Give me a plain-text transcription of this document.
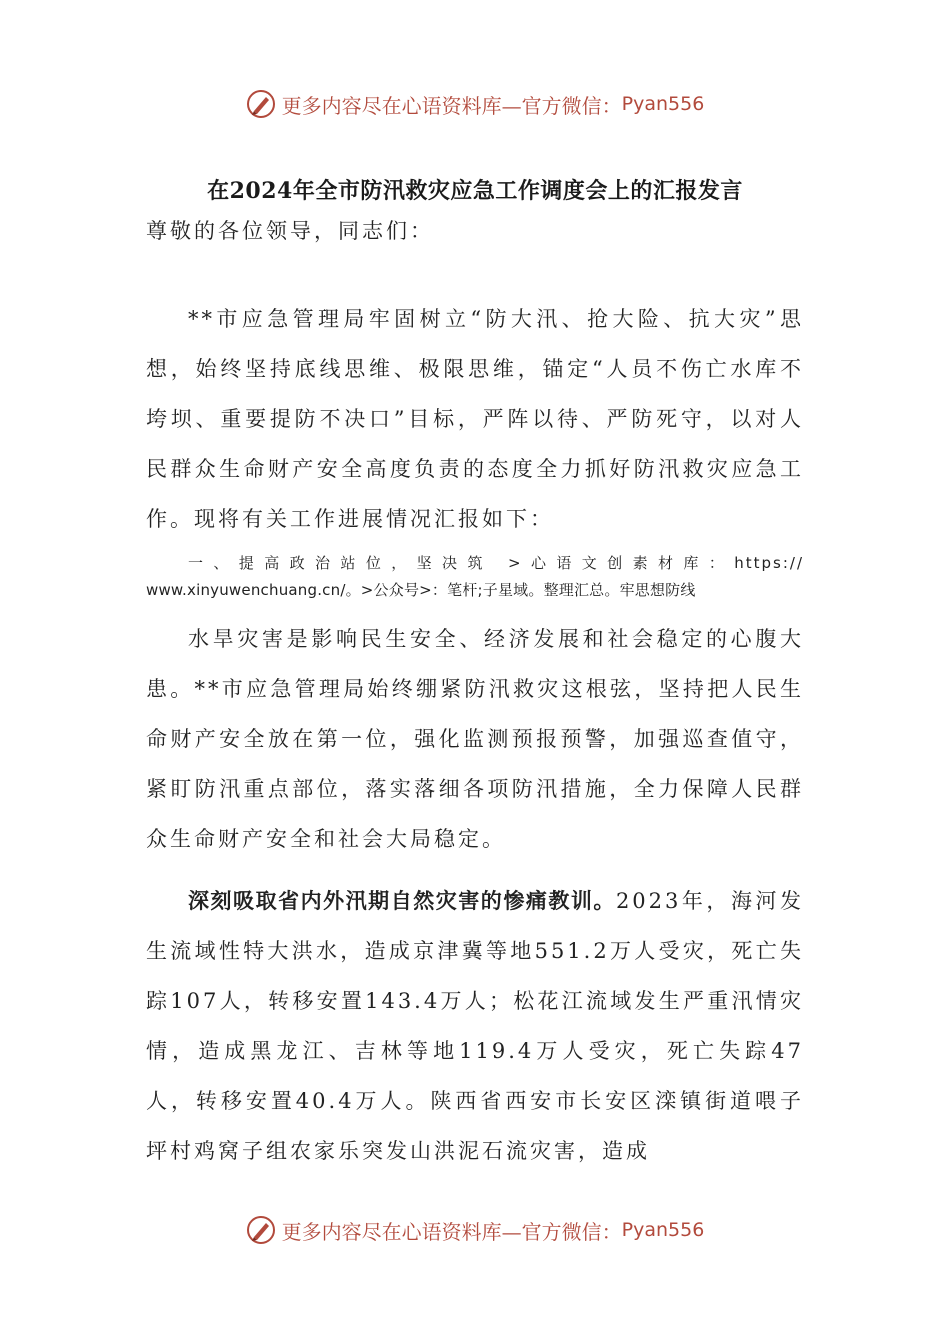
更多内容尽在心语资料库—官方微信： Pyan556
在2024年全市防汛救灾应急工作调度会上的汇报发言

尊敬的各位领导，同志们：

**市应急管理局牢固树立“防大汛、抢大险、抗大灾”思想，始终坚持底线思维、极限思维，锚定“人员不伤亡水库不垮坝、重要提防不决口”目标，严阵以待、严防死守，以对人民群众生命财产安全高度负责的态度全力抓好防汛救灾应急工作。现将有关工作进展情况汇报如下：

一、提高政治站位，坚决筑 >心语文创素材库：https://

www.xinyuwenchuang.cn/。>公众号>：笔杆;子星域。整理汇总。牢思想防线

水旱灾害是影响民生安全、经济发展和社会稳定的心腹大患。**市应急管理局始终绷紧防汛救灾这根弦，坚持把人民生命财产安全放在第一位，强化监测预报预警，加强巡查值守，紧盯防汛重点部位，落实落细各项防汛措施，全力保障人民群众生命财产安全和社会大局稳定。

深刻吸取省内外汛期自然灾害的惨痛教训。2023年，海河发生流域性特大洪水，造成京津冀等地551.2万人受灾，死亡失踪107人，转移安置143.4万人；松花江流域发生严重汛情灾情，造成黑龙江、吉林等地119.4万人受灾，死亡失踪47人，转移安置40.4万人。陕西省西安市长安区滦镇街道喂子坪村鸡窝子组农家乐突发山洪泥石流灾害，造成

更多内容尽在心语资料库—官方微信： Pyan556
